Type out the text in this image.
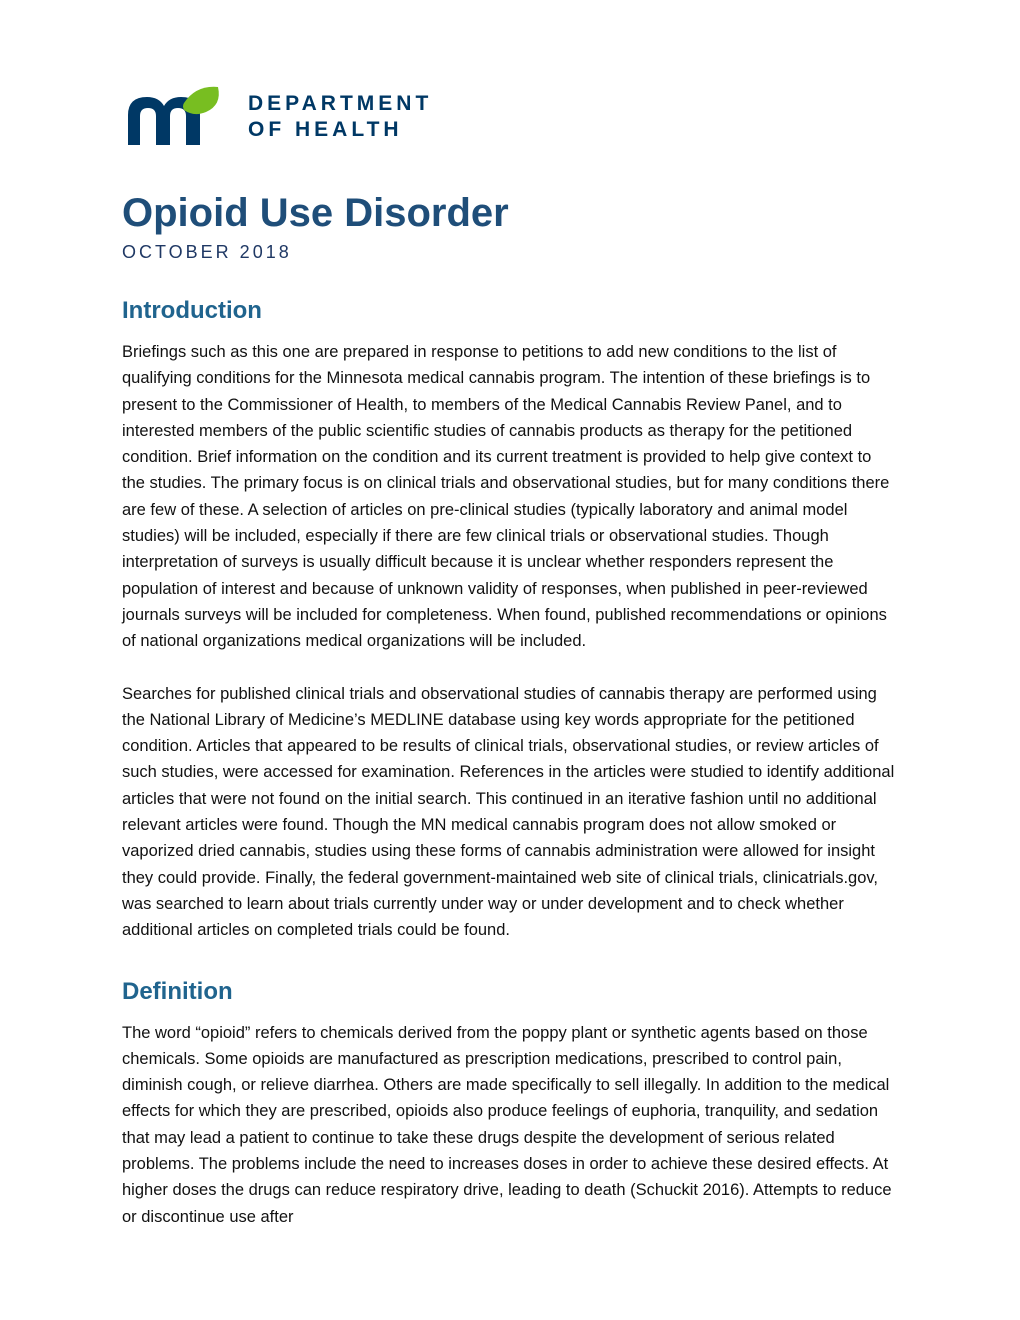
DEPARTMENT
OF HEALTH
Opioid Use Disorder
OCTOBER 2018
Introduction

Briefings such as this one are prepared in response to petitions to add new conditions to the list of qualifying conditions for the Minnesota medical cannabis program. The intention of these briefings is to present to the Commissioner of Health, to members of the Medical Cannabis Review Panel, and to interested members of the public scientific studies of cannabis products as therapy for the petitioned condition. Brief information on the condition and its current treatment is provided to help give context to the studies. The primary focus is on clinical trials and observational studies, but for many conditions there are few of these. A selection of articles on pre-clinical studies (typically laboratory and animal model studies) will be included, especially if there are few clinical trials or observational studies. Though interpretation of surveys is usually difficult because it is unclear whether responders represent the population of interest and because of unknown validity of responses, when published in peer-reviewed journals surveys will be included for completeness. When found, published recommendations or opinions of national organizations medical organizations will be included.

Searches for published clinical trials and observational studies of cannabis therapy are performed using the National Library of Medicine’s MEDLINE database using key words appropriate for the petitioned condition. Articles that appeared to be results of clinical trials, observational studies, or review articles of such studies, were accessed for examination. References in the articles were studied to identify additional articles that were not found on the initial search. This continued in an iterative fashion until no additional relevant articles were found. Though the MN medical cannabis program does not allow smoked or vaporized dried cannabis, studies using these forms of cannabis administration were allowed for insight they could provide. Finally, the federal government-maintained web site of clinical trials, clinicatrials.gov, was searched to learn about trials currently under way or under development and to check whether additional articles on completed trials could be found.

Definition

The word “opioid” refers to chemicals derived from the poppy plant or synthetic agents based on those chemicals. Some opioids are manufactured as prescription medications, prescribed to control pain, diminish cough, or relieve diarrhea. Others are made specifically to sell illegally. In addition to the medical effects for which they are prescribed, opioids also produce feelings of euphoria, tranquility, and sedation that may lead a patient to continue to take these drugs despite the development of serious related problems. The problems include the need to increases doses in order to achieve these desired effects. At higher doses the drugs can reduce respiratory drive, leading to death (Schuckit 2016). Attempts to reduce or discontinue use after
